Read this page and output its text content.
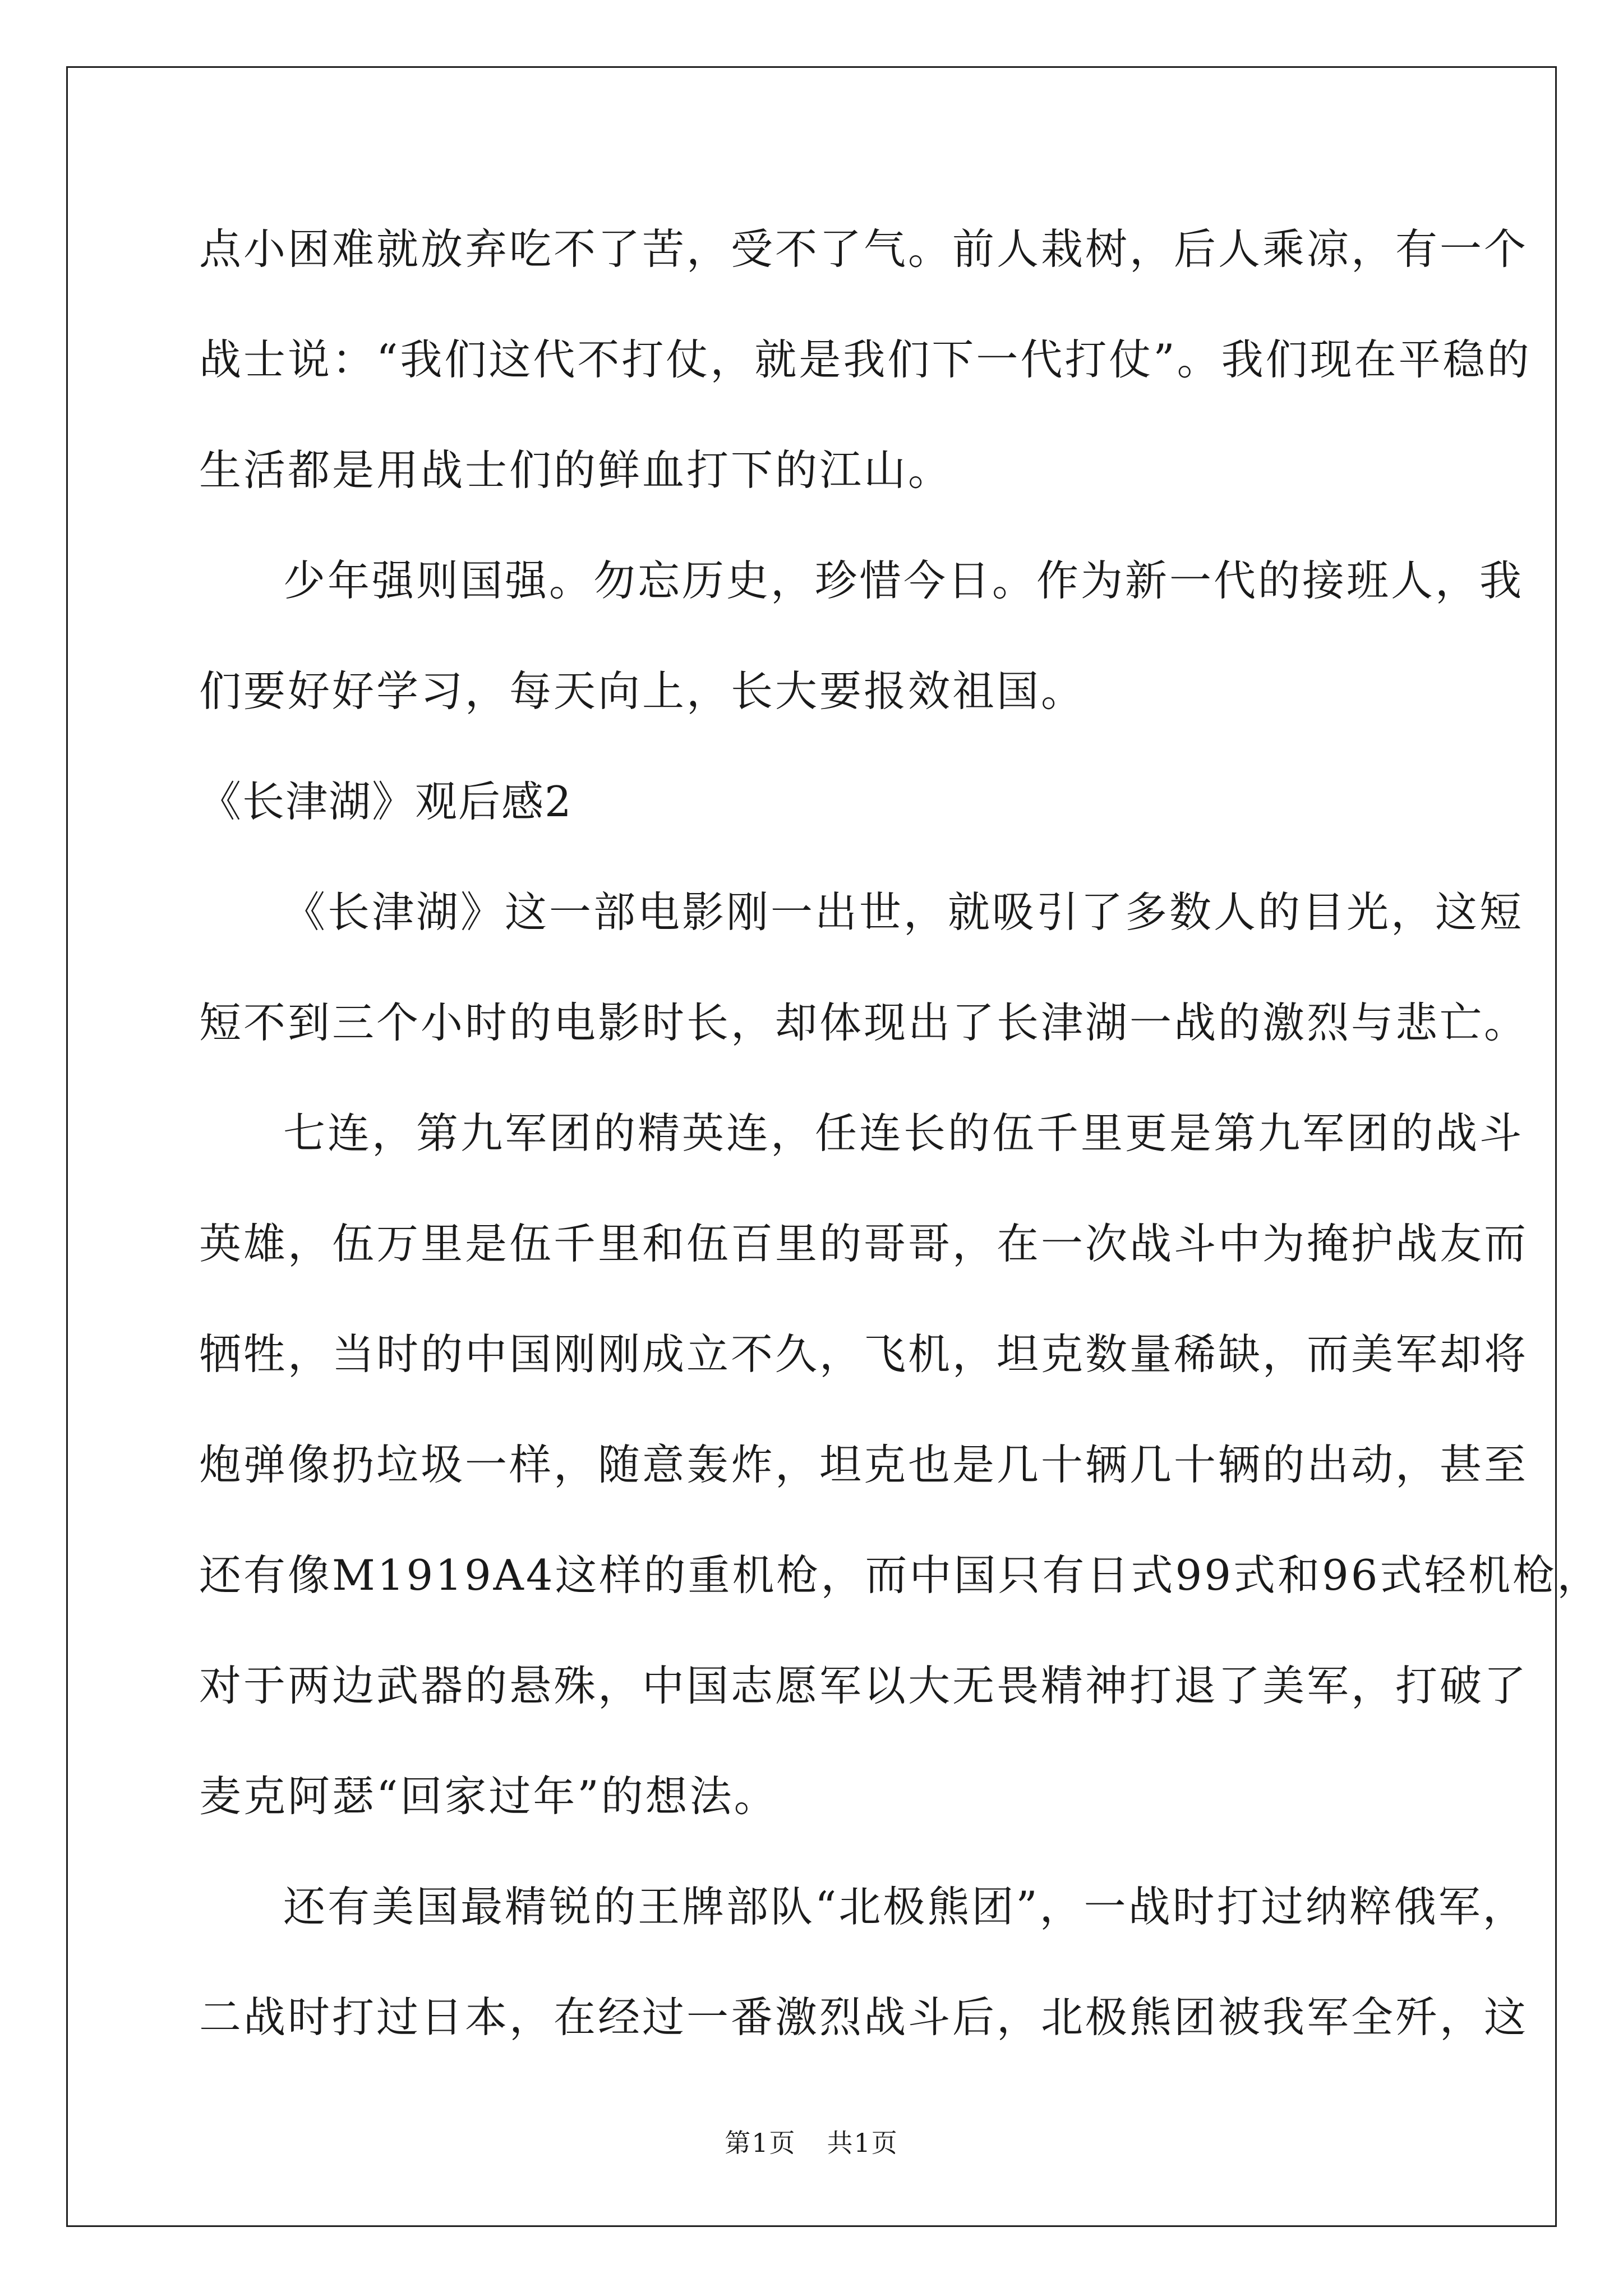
点小困难就放弃吃不了苦，受不了气。前人栽树，后人乘凉，有一个
战士说：“我们这代不打仗，就是我们下一代打仗”。我们现在平稳的
生活都是用战士们的鲜血打下的江山。
少年强则国强。勿忘历史，珍惜今日。作为新一代的接班人，我
们要好好学习，每天向上，长大要报效祖国。
《长津湖》观后感2
《长津湖》这一部电影刚一出世，就吸引了多数人的目光，这短
短不到三个小时的电影时长，却体现出了长津湖一战的激烈与悲亡。
七连，第九军团的精英连，任连长的伍千里更是第九军团的战斗
英雄，伍万里是伍千里和伍百里的哥哥，在一次战斗中为掩护战友而
牺牲，当时的中国刚刚成立不久，飞机，坦克数量稀缺，而美军却将
炮弹像扔垃圾一样，随意轰炸，坦克也是几十辆几十辆的出动，甚至
还有像M1919A4这样的重机枪，而中国只有日式99式和96式轻机枪，
对于两边武器的悬殊，中国志愿军以大无畏精神打退了美军，打破了
麦克阿瑟“回家过年”的想法。
还有美国最精锐的王牌部队“北极熊团”，一战时打过纳粹俄军，
二战时打过日本，在经过一番激烈战斗后，北极熊团被我军全歼，这
第1页 共1页
